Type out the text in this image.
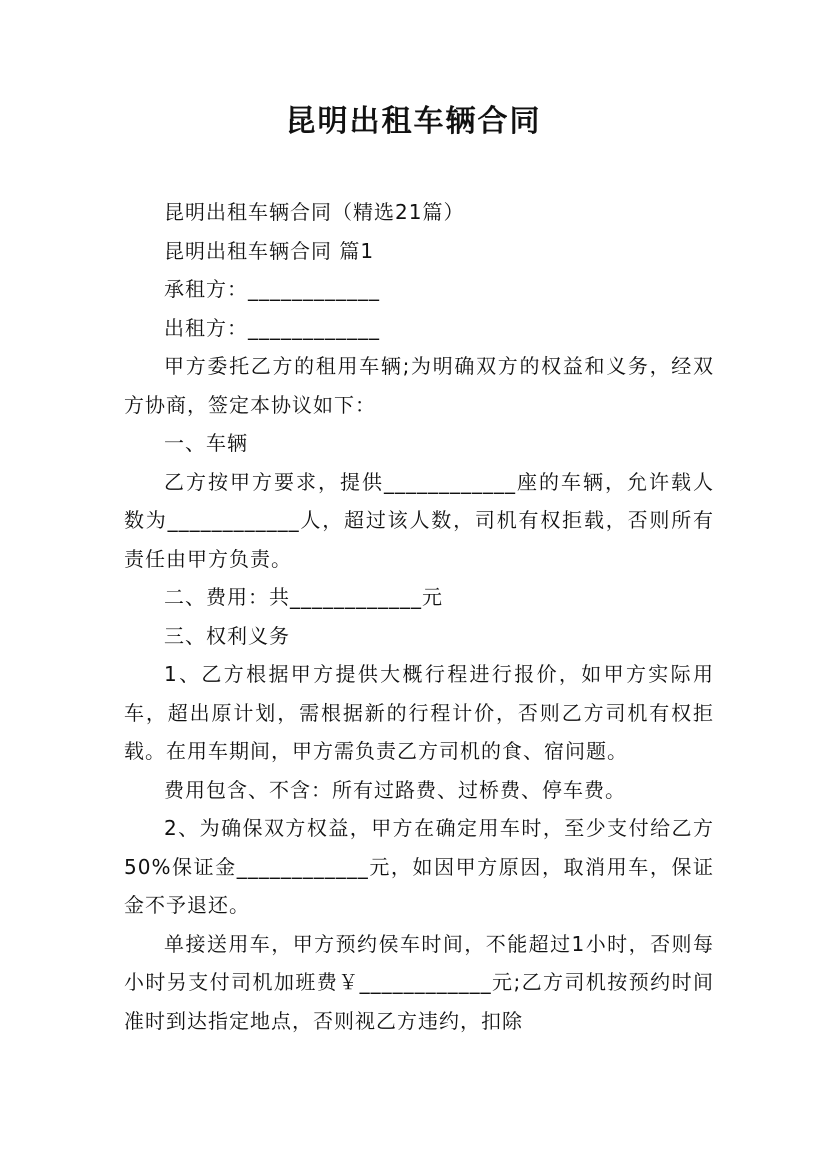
昆明出租车辆合同

昆明出租车辆合同（精选21篇）

昆明出租车辆合同 篇1

承租方：____________

出租方：____________

甲方委托乙方的租用车辆;为明确双方的权益和义务，经双方协商，签定本协议如下：

一、车辆

乙方按甲方要求，提供____________座的车辆，允许载人数为____________人，超过该人数，司机有权拒载，否则所有责任由甲方负责。

二、费用：共____________元

三、权利义务

1、乙方根据甲方提供大概行程进行报价，如甲方实际用车，超出原计划，需根据新的行程计价，否则乙方司机有权拒载。在用车期间，甲方需负责乙方司机的食、宿问题。

费用包含、不含：所有过路费、过桥费、停车费。

2、为确保双方权益，甲方在确定用车时，至少支付给乙方50%保证金____________元，如因甲方原因，取消用车，保证金不予退还。

单接送用车，甲方预约侯车时间，不能超过1小时，否则每小时另支付司机加班费￥____________元;乙方司机按预约时间准时到达指定地点，否则视乙方违约，扣除
